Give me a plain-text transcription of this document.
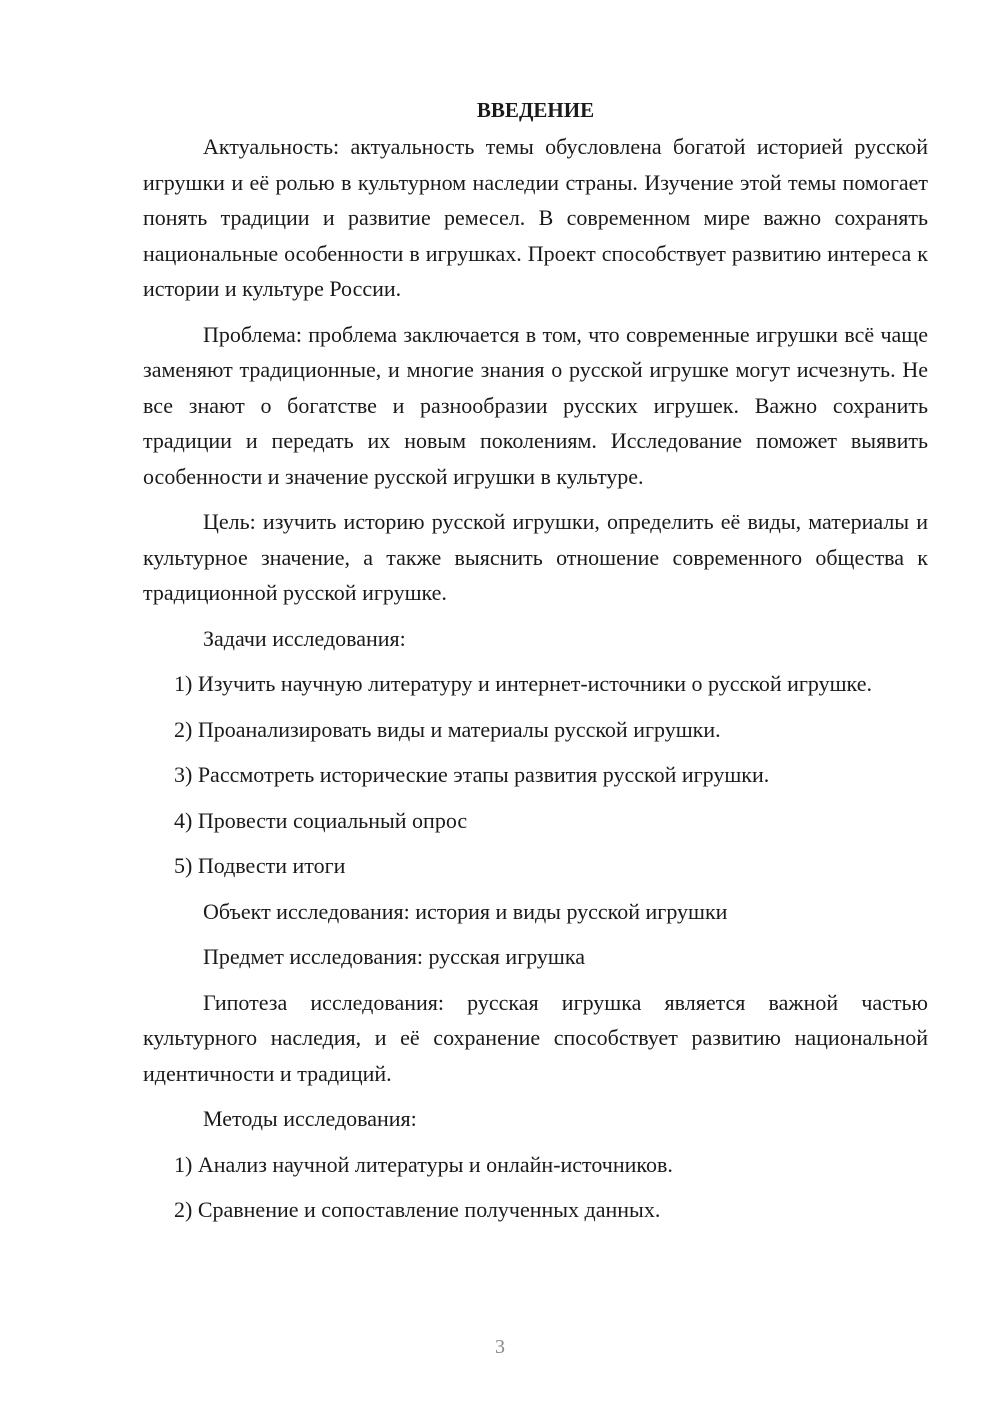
ВВЕДЕНИЕ

Актуальность: актуальность темы обусловлена богатой историей русской игрушки и её ролью в культурном наследии страны. Изучение этой темы помогает понять традиции и развитие ремесел. В современном мире важно сохранять национальные особенности в игрушках. Проект способствует развитию интереса к истории и культуре России.

Проблема: проблема заключается в том, что современные игрушки всё чаще заменяют традиционные, и многие знания о русской игрушке могут исчезнуть. Не все знают о богатстве и разнообразии русских игрушек. Важно сохранить традиции и передать их новым поколениям. Исследование поможет выявить особенности и значение русской игрушки в культуре.

Цель: изучить историю русской игрушки, определить её виды, материалы и культурное значение, а также выяснить отношение современного общества к традиционной русской игрушке.

Задачи исследования:

1) Изучить научную литературу и интернет-источники о русской игрушке.

2) Проанализировать виды и материалы русской игрушки.

3) Рассмотреть исторические этапы развития русской игрушки.

4) Провести социальный опрос

5) Подвести итоги

Объект исследования: история и виды русской игрушки

Предмет исследования: русская игрушка

Гипотеза исследования: русская игрушка является важной частью культурного наследия, и её сохранение способствует развитию национальной идентичности и традиций.

Методы исследования:

1) Анализ научной литературы и онлайн-источников.

2) Сравнение и сопоставление полученных данных.

3
